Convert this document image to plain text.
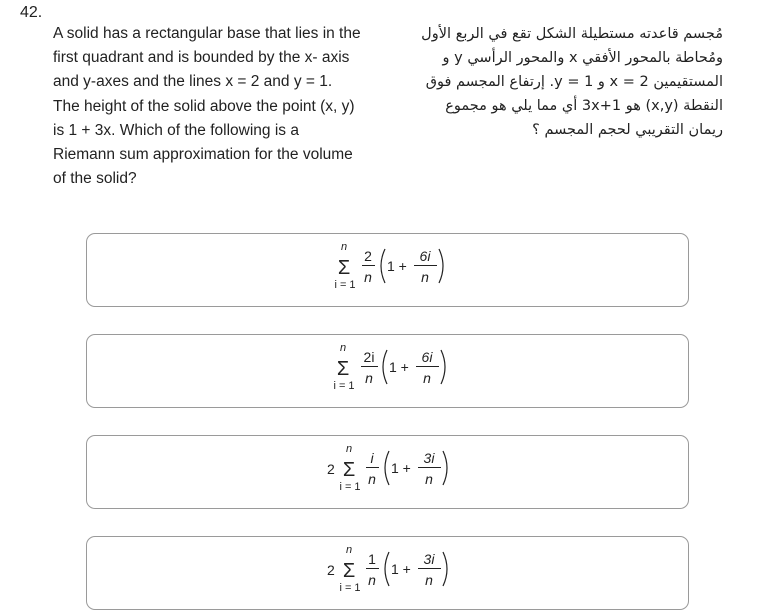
42.
A solid has a rectangular base that lies in the
first quadrant and is bounded by the x- axis
and y-axes and the lines x = 2 and y = 1.
The height of the solid above the point (x, y)
is 1 + 3x. Which of the following is a
Riemann sum approximation for the volume
of the solid?
مُجسم قاعدته مستطيلة الشكل تقع في الربع الأول
ومُحاطة بالمحور الأفقي x والمحور الرأسي y و
المستقيمين x = 2 و y = 1. إرتفاع المجسم فوق
النقطة (x,y) هو 1+3x أي مما يلي هو مجموع
ريمان التقريبي لحجم المجسم ؟
n
Σ
i = 1
2
n
1 +
6i
n
n
Σ
i = 1
2i
n
1 +
6i
n
2
n
Σ
i = 1
i
n
1 +
3i
n
2
n
Σ
i = 1
1
n
1 +
3i
n
